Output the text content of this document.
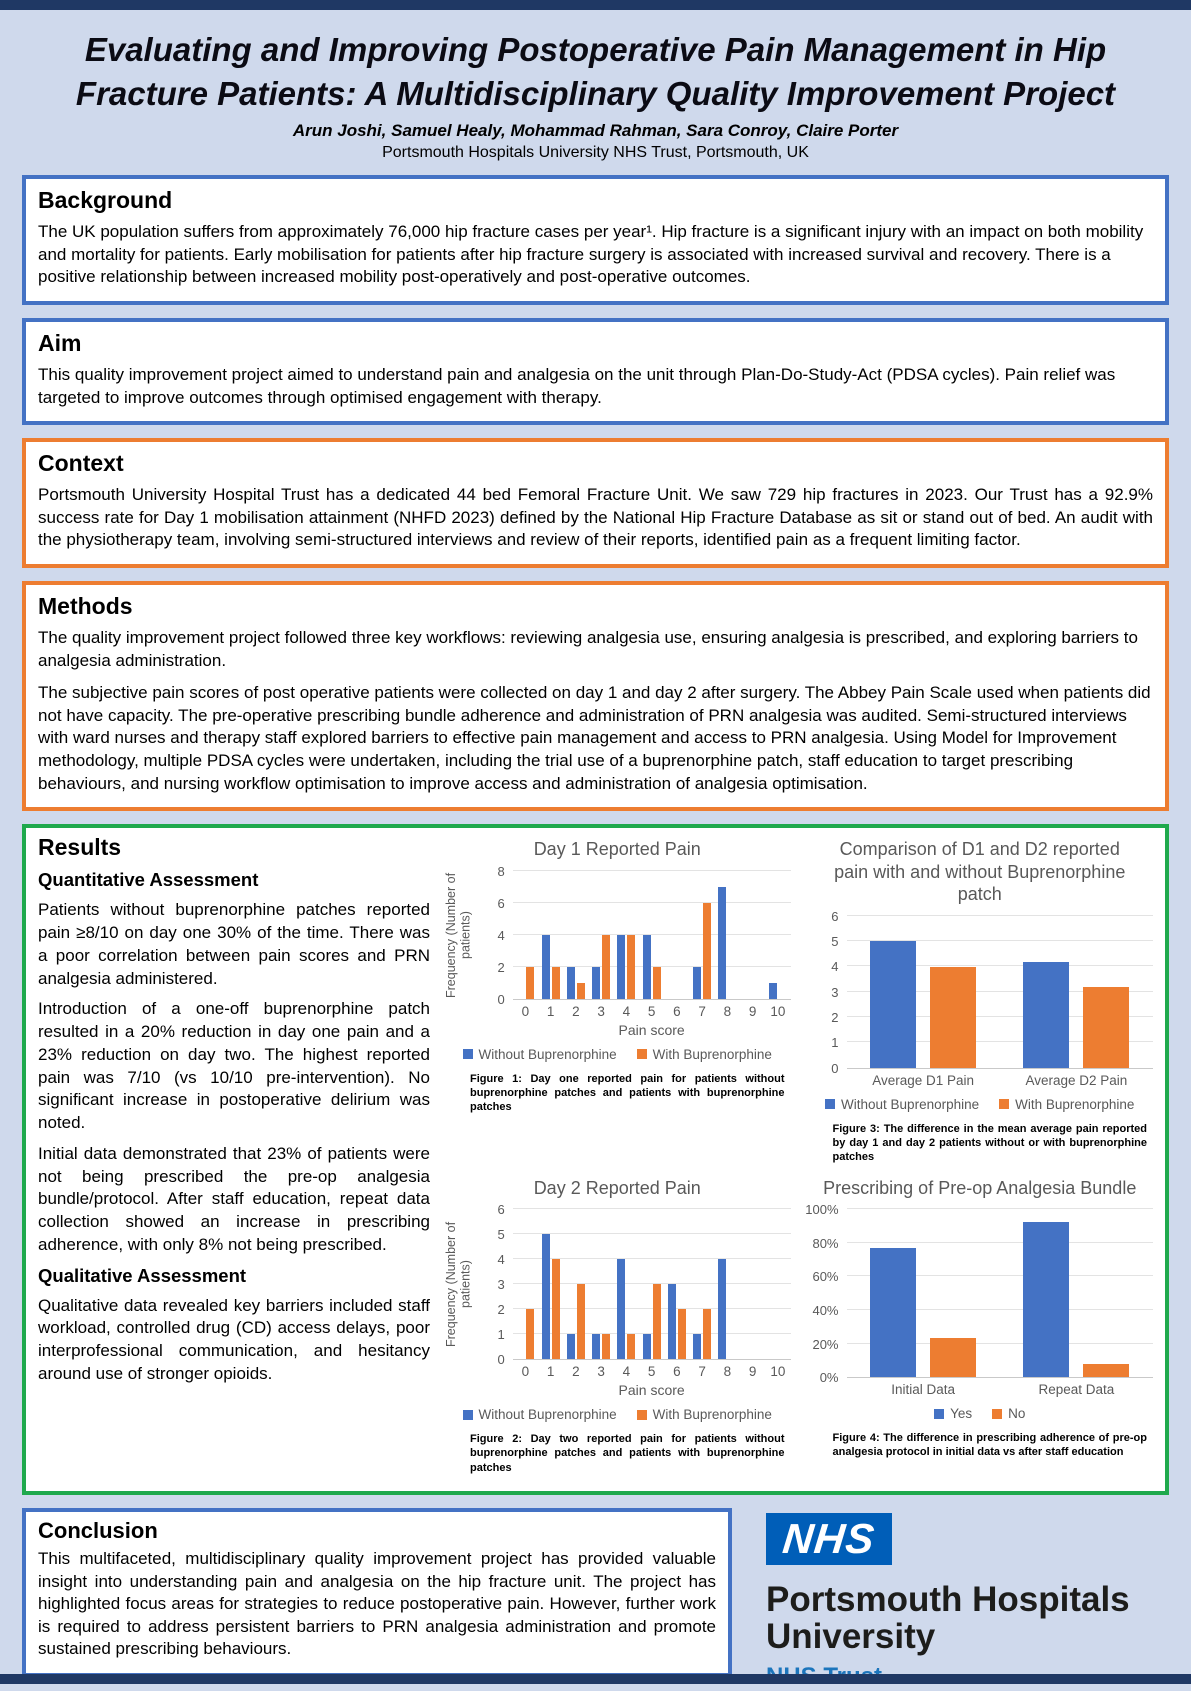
Evaluating and Improving Postoperative Pain Management in Hip Fracture Patients: A Multidisciplinary Quality Improvement Project
Arun Joshi, Samuel Healy, Mohammad Rahman, Sara Conroy, Claire Porter
Portsmouth Hospitals University NHS Trust, Portsmouth, UK
Background

The UK population suffers from approximately 76,000 hip fracture cases per year¹. Hip fracture is a significant injury with an impact on both mobility and mortality for patients. Early mobilisation for patients after hip fracture surgery is associated with increased survival and recovery. There is a positive relationship between increased mobility post-operatively and post-operative outcomes.

Aim

This quality improvement project aimed to understand pain and analgesia on the unit through Plan-Do-Study-Act (PDSA cycles). Pain relief was targeted to improve outcomes through optimised engagement with therapy.

Context

Portsmouth University Hospital Trust has a dedicated 44 bed Femoral Fracture Unit. We saw 729 hip fractures in 2023. Our Trust has a 92.9% success rate for Day 1 mobilisation attainment (NHFD 2023) defined by the National Hip Fracture Database as sit or stand out of bed. An audit with the physiotherapy team, involving semi-structured interviews and review of their reports, identified pain as a frequent limiting factor.

Methods

The quality improvement project followed three key workflows: reviewing analgesia use, ensuring analgesia is prescribed, and exploring barriers to analgesia administration.

The subjective pain scores of post operative patients were collected on day 1 and day 2 after surgery. The Abbey Pain Scale used when patients did not have capacity. The pre-operative prescribing bundle adherence and administration of PRN analgesia was audited. Semi-structured interviews with ward nurses and therapy staff explored barriers to effective pain management and access to PRN analgesia. Using Model for Improvement methodology, multiple PDSA cycles were undertaken, including the trial use of a buprenorphine patch, staff education to target prescribing behaviours, and nursing workflow optimisation to improve access and administration of analgesia optimisation.

Results
Quantitative Assessment

Patients without buprenorphine patches reported pain ≥8/10 on day one 30% of the time. There was a poor correlation between pain scores and PRN analgesia administered.

Introduction of a one-off buprenorphine patch resulted in a 20% reduction in day one pain and a 23% reduction on day two. The highest reported pain was 7/10 (vs 10/10 pre-intervention). No significant increase in postoperative delirium was noted.

Initial data demonstrated that 23% of patients were not being prescribed the pre-op analgesia bundle/protocol. After staff education, repeat data collection showed an increase in prescribing adherence, with only 8% not being prescribed.

Qualitative Assessment

Qualitative data revealed key barriers included staff workload, controlled drug (CD) access delays, poor interprofessional communication, and hesitancy around use of stronger opioids.

Day 1 Reported Pain
Frequency (Number of patients)
0
2
4
6
8
0	1	2	3	4	5	6	7	8	9	10
Pain score
Without Buprenorphine	With Buprenorphine
Figure 1: Day one reported pain for patients without buprenorphine patches and patients with buprenorphine patches
Comparison of D1 and D2 reported pain with and without Buprenorphine patch
0
1
2
3
4
5
6
Average D1 Pain	Average D2 Pain
Without Buprenorphine	With Buprenorphine
Figure 3: The difference in the mean average pain reported by day 1 and day 2 patients without or with buprenorphine patches
Day 2 Reported Pain
Frequency (Number of patients)
0
1
2
3
4
5
6
0	1	2	3	4	5	6	7	8	9	10
Pain score
Without Buprenorphine	With Buprenorphine
Figure 2: Day two reported pain for patients without buprenorphine patches and patients with buprenorphine patches
Prescribing of Pre-op Analgesia Bundle
0%
20%
40%
60%
80%
100%
Initial Data	Repeat Data
Yes	No
Figure 4: The difference in prescribing adherence of pre-op analgesia protocol in initial data vs after staff education
Conclusion

This multifaceted, multidisciplinary quality improvement project has provided valuable insight into understanding pain and analgesia on the hip fracture unit. The project has highlighted focus areas for strategies to reduce postoperative pain. However, further work is required to address persistent barriers to PRN analgesia administration and promote sustained prescribing behaviours.

NHS
Portsmouth Hospitals
University
